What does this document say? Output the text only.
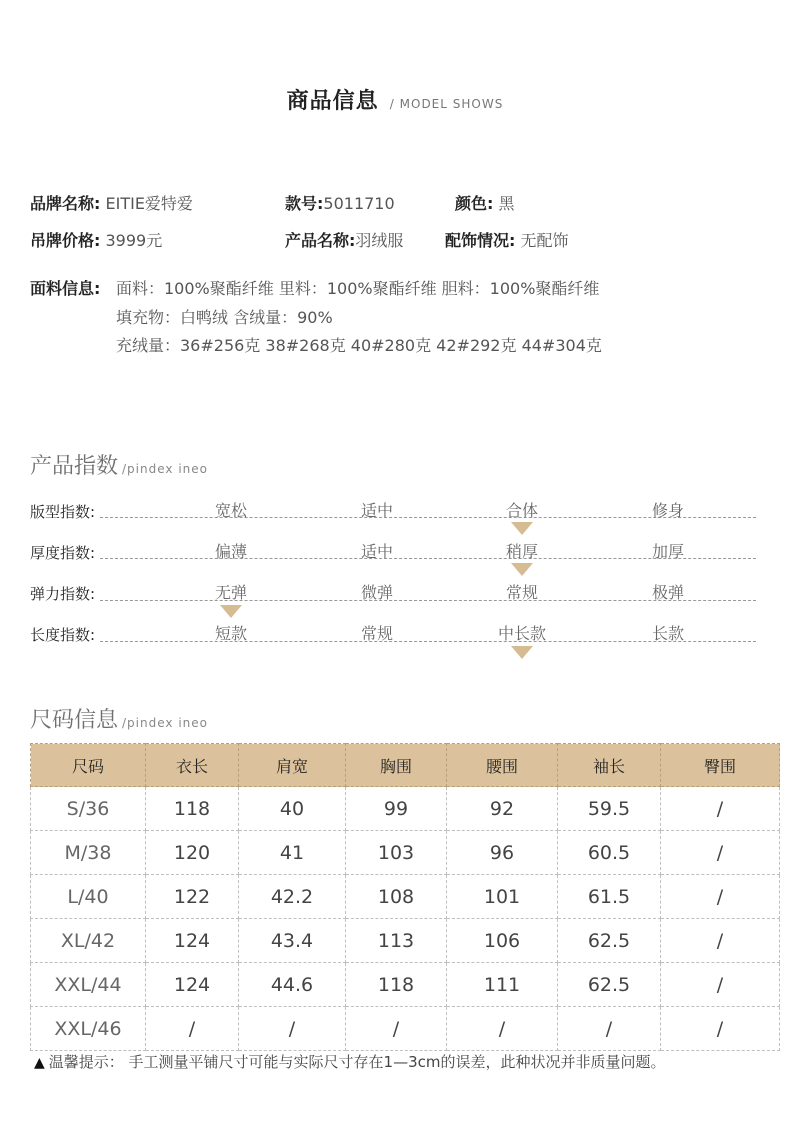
商品信息 / MODEL SHOWS
品牌名称: EITIE爱特爱	款号:5011710	颜色: 黑
吊牌价格: 3999元	产品名称:羽绒服	配饰情况: 无配饰
面料信息: 面料：100%聚酯纤维 里料：100%聚酯纤维 胆料：100%聚酯纤维
填充物：白鸭绒 含绒量：90%
充绒量：36#256克 38#268克 40#280克 42#292克 44#304克
产品指数 /pindex ineo
版型指数:	宽松	适中	合体	修身
厚度指数:	偏薄	适中	稍厚	加厚
弹力指数:	无弹	微弹	常规	极弹
长度指数:	短款	常规	中长款	长款
尺码信息 /pindex ineo
尺码	衣长	肩宽	胸围	腰围	袖长	臀围
S/36	118	40	99	92	59.5	/
M/38	120	41	103	96	60.5	/
L/40	122	42.2	108	101	61.5	/
XL/42	124	43.4	113	106	62.5	/
XXL/44	124	44.6	118	111	62.5	/
XXL/46	/	/	/	/	/	/
▲ 温馨提示： 手工测量平铺尺寸可能与实际尺寸存在1—3cm的误差，此种状况并非质量问题。
